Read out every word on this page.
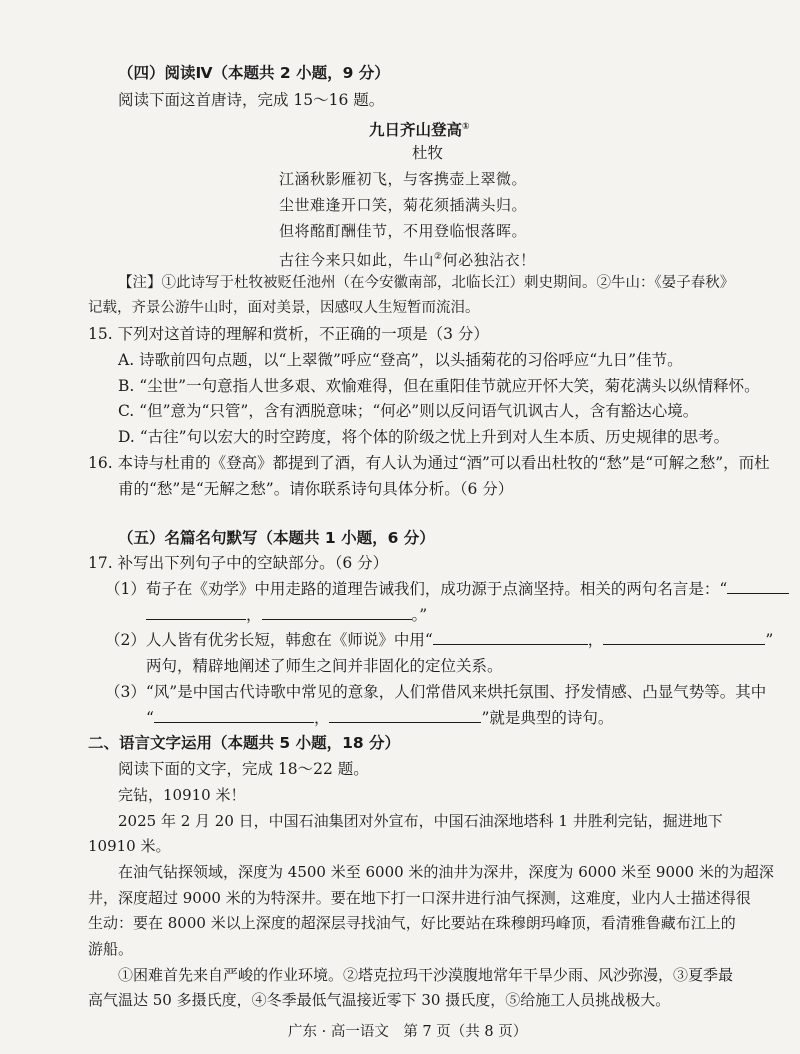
（四）阅读Ⅳ（本题共 2 小题，9 分）
阅读下面这首唐诗，完成 15～16 题。
九日齐山登高①
杜牧
江涵秋影雁初飞，与客携壶上翠微。
尘世难逢开口笑，菊花须插满头归。
但将酩酊酬佳节，不用登临恨落晖。
古往今来只如此，牛山②何必独沾衣！
【注】①此诗写于杜牧被贬任池州（在今安徽南部，北临长江）刺史期间。②牛山：《晏子春秋》
记载，齐景公游牛山时，面对美景，因感叹人生短暂而流泪。
15. 下列对这首诗的理解和赏析，不正确的一项是（3 分）
A. 诗歌前四句点题，以“上翠微”呼应“登高”，以头插菊花的习俗呼应“九日”佳节。
B. “尘世”一句意指人世多艰、欢愉难得，但在重阳佳节就应开怀大笑，菊花满头以纵情释怀。
C. “但”意为“只管”，含有洒脱意味；“何必”则以反问语气讥讽古人，含有豁达心境。
D. “古往”句以宏大的时空跨度，将个体的阶级之忧上升到对人生本质、历史规律的思考。
16. 本诗与杜甫的《登高》都提到了酒，有人认为通过“酒”可以看出杜牧的“愁”是“可解之愁”，而杜
甫的“愁”是“无解之愁”。请你联系诗句具体分析。（6 分）
（五）名篇名句默写（本题共 1 小题，6 分）
17. 补写出下列句子中的空缺部分。（6 分）
（1）荀子在《劝学》中用走路的道理告诫我们，成功源于点滴坚持。相关的两句名言是：“
，	。”
（2）人人皆有优劣长短，韩愈在《师说》中用“	，	”
两句，精辟地阐述了师生之间并非固化的定位关系。
（3）“风”是中国古代诗歌中常见的意象，人们常借风来烘托氛围、抒发情感、凸显气势等。其中
“	，	”就是典型的诗句。
二、语言文字运用（本题共 5 小题，18 分）
阅读下面的文字，完成 18～22 题。
完钻，10910 米！
2025 年 2 月 20 日，中国石油集团对外宣布，中国石油深地塔科 1 井胜利完钻，掘进地下
10910 米。
在油气钻探领域，深度为 4500 米至 6000 米的油井为深井，深度为 6000 米至 9000 米的为超深
井，深度超过 9000 米的为特深井。要在地下打一口深井进行油气探测，这难度，业内人士描述得很
生动：要在 8000 米以上深度的超深层寻找油气，好比要站在珠穆朗玛峰顶，看清雅鲁藏布江上的
游船。
①困难首先来自严峻的作业环境。②塔克拉玛干沙漠腹地常年干旱少雨、风沙弥漫，③夏季最
高气温达 50 多摄氏度，④冬季最低气温接近零下 30 摄氏度，⑤给施工人员挑战极大。
广东 · 高一语文　第 7 页（共 8 页）
